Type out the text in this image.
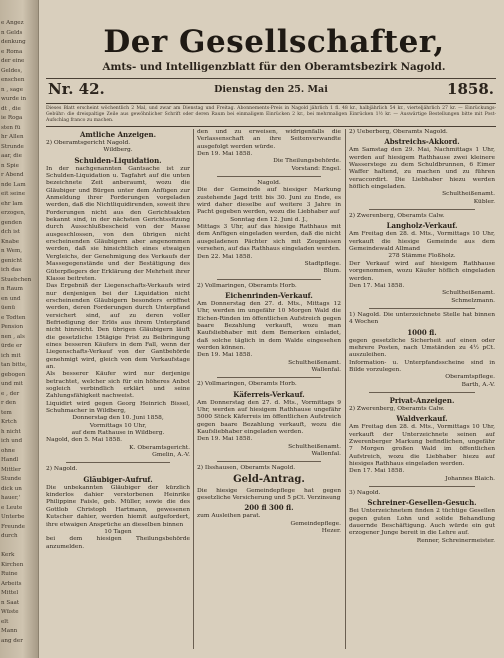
e Angez
n Gelds
denkung
e Roma
der eine
Geldes,
enschen
n , sage
wurde in
dt , die
ie Roga
sten fü
hr Allen
Strunde
aar, die
n Spie
r Abend
nde Lam
eit seine
ehr lam
erzogen,
genden
dch ist
Knabe
n Wem,
genicht
ich das
Stuebchen
n Raum
en und
üenü
e Todten
Pension
nen , als
ürde er
ich mit
tan bitte,
gebogen
und mit
e , der
r den
tem
Krtch
h nicht
ich und
ohne
Handl
Mittler
Stunde
dick un
hauer,'
e Leute
Unterbe
Freunde
durch
Kerk
Kirchen
Ruine
Arbeits
Mittel
n Saat
Wüste
elt
Mann
ang der
Der Gesellschafter,
Amts- und Intelligenzblatt für den Oberamtsbezirk Nagold.
Nr. 42.	Dienstag den 25. Mai	1858.
Dieses Blatt erscheint wöchentlich 2 Mal, und zwar am Dienstag und Freitag. Abonnements-Preis in Nagold jährlich 1 fl. 48 kr., halbjährlich 54 kr., vierteljährlich 27 kr. — Einrückungs-Gebühr: die dreispaltige Zeile aus gewöhnlicher Schrift oder deren Raum bei einmaligem Einrücken 2 kr., bei mehrmaligen Einrücken 1½ kr. — Auswärtige Bestellungen bitte mit Post-Aufschlag franco zu machen.
Amtliche Anzeigen.
2) Oberamtsgericht Nagold.
Wildberg.
Schulden-Liquidation.
In der nachgenannten Gantsache ist zur Schulden-Liquidation u. Tagfahrt auf die unten bezeichnete Zeit anberaumt, wozu die Gläubiger und Bürgen unter dem Anfügen zur Anmeldung ihrer Forderungen vorgeladen werden, daß die Nichtliquidirenden, soweit ihre Forderungen nicht aus den Gerichtsakten bekannt sind, in der nächsten Gerichtssitzung durch Ausschlußbescheid von der Masse ausgeschlossen, von den übrigen nicht erscheinenden Gläubigern aber angenommen werden, daß sie hinsichtlich eines etwaigen Vergleichs, der Genehmigung des Verkaufs der Massegegenstände und der Bestätigung des Güterpflegers der Erklärung der Mehrheit ihrer Klasse beitreten.
Das Ergebniß der Liegenschafts-Verkaufs wird nur denjenigen bei der Liquidation nicht erscheinenden Gläubigern besonders eröffnet werden, deren Forderungen durch Unterpfand versichert sind, auf zu deren voller Befriedigung der Erlös aus ihrem Unterpfand nicht hinreicht. Den übrigen Gläubigern läuft die gesetzliche 15tägige Frist zu Beibringung eines besseren Käufers in dem Fall, wenn der Liegenschafts-Verkauf von der Gantbehörde genehmigt wird, gleich von dem Verkaufstage an.
Als besserer Käufer wird nur derjenige betrachtet, welcher sich für ein höheres Anbot sogleich verbindlich erklärt und seine Zahlungsfähigkeit nachweist.
Liquidirt wird gegen Georg Heinrich Bissel, Schuhmacher in Wildberg,
Donnerstag den 10. Juni 1858,
Vormittags 10 Uhr,
auf dem Rathause in Wildberg.
Nagold, den 5. Mai 1858.
K. Oberamtsgericht.
Gmelin, A.-V.
2) Nagold.
Gläubiger-Aufruf.
Die unbekannten Gläubiger der kürzlich kinderlos dahier verstorbenen Heinrike Philippine Faisle, geb. Müller, sowie die des Gottlob Christoph Hartmann, gewesenen Kutscher dahier, werden hiemit aufgefordert, ihre etwaigen Ansprüche an dieselben binnen
10 Tagen
bei dem hiesigen Theilungsbehörde anzumelden.
den und zu erweisen, widrigenfalls die Verlassenschaft an ihre Seitenverwandte ausgefolgt werden würde.
Den 19. Mai 1858.
Die Theilungsbehörde.
Vorstand: Engel.
Nagold.
Die der Gemeinde auf hiesiger Markung zustehende Jagd tritt bis 30. Juni zu Ende, es wird daher dieselbe auf weitere 3 Jahre in Pacht gegeben werden, wozu die Liebhaber auf
Sonntag den 12. Juni d. J.,
Mittags 3 Uhr, auf das hiesige Rathhaus mit dem Anfügen eingeladen werden, daß die nicht ausgeladenen Pächter sich mit Zeugnissen versehen, auf das Rathhaus eingeladen werden.
Den 22. Mai 1858.
Stadtpflege.
Blum.
2) Vollmaringen, Oberamts Horb.
Eichenrinden-Verkauf.
Am Donnerstag den 27. d. Mts., Mittags 12 Uhr, werden im ungefähr 10 Morgen Wald die Eichen-Rinden im öffentlichen Aufstreich gegen baare Bezahlung verkauft, wozu man Kaufsliebhaber mit dem Bemerken einladet, daß solche täglich in dem Walde eingesehen werden können.
Den 19. Mai 1858.
Schultheißenamt.
Wallenfal.
2) Vollmaringen, Oberamts Horb.
Käferreis-Verkauf.
Am Donnerstag den 27. d. Mts., Vormittags 9 Uhr, werden auf hiesigem Rathhause ungefähr 5000 Stück Käferreis im öffentlichen Aufstreich gegen baare Bezahlung verkauft, wozu die Kaufsliebhaber eingeladen werden.
Den 19. Mai 1858.
Schultheißenamt.
Wallenfal.
2) Ilsshausen, Oberamts Nagold.
Geld-Antrag.
Die hiesige Gemeindepflege hat gegen gesetzliche Versicherung und 5 pCt. Verzinsung
200 fl 300 fl.
zum Ausleihen parat.
Gemeindepflege.
Hezer.
2) Ueberberg, Oberamts Nagold.
Abstreichs-Akkord.
Am Samstag den 29. Mai, Nachmittags 1 Uhr, werden auf hiesigem Rathhause zwei kleinere Wasserstege zu dem Schuldbrunnen, 6 Eimer Waffer haltend, zu machen und zu führen veraccordirt. Die Liebhaber hiezu werden höflich eingeladen.
Schultheißenamt.
Kübler.
2) Zwerenberg, Oberamts Calw.
Langholz-Verkauf.
Am Freitag den 28. d. Mts., Vormittags 10 Uhr, verkauft die hiesige Gemeinde aus dem Gemeindewald Allmand
278 Stämme Floßholz.
Der Verkauf wird auf hiesigem Rathhause vorgenommen, wozu Käufer höflich eingeladen werden.
Den 17. Mai 1858.
Schultheißenamt.
Schmelzmann.
1) Nagold. Die unterzeichnete Stelle hat binnen 4 Wochen
1000 fl.
gegen gesetzliche Sicherheit auf einen oder mehrere Posten, nach Umständen zu 4½ pCt. auszuleihen.
Information- u. Unterpfandsscheine sind in Bilde vorzulegen.
Oberamtspflege.
Barth, A.-V.
Privat-Anzeigen.
2) Zwerenberg, Oberamts Calw.
Waldverkauf.
Am Freitag den 28. d. Mts., Vormittags 10 Uhr, verkauft der Unterzeichnete seinen auf Zwerenberger Markung befindlichen, ungefähr 7 Morgen großen Wald im öffentlichen Aufstreich, wozu die Liebhaber hiezu auf hiesiges Rathhaus eingeladen werden.
Den 17. Mai 1858.
Johannes Blaich.
3) Nagold.
Schreiner-Gesellen-Gesuch.
Bei Unterzeichnetem finden 2 tüchtige Gesellen gegen guten Lohn und solide Behandlung dauernde Beschäftigung. Auch würde ein gut erzogener Junge bereit in die Lehre auf.
Renner, Schreinermeister.
